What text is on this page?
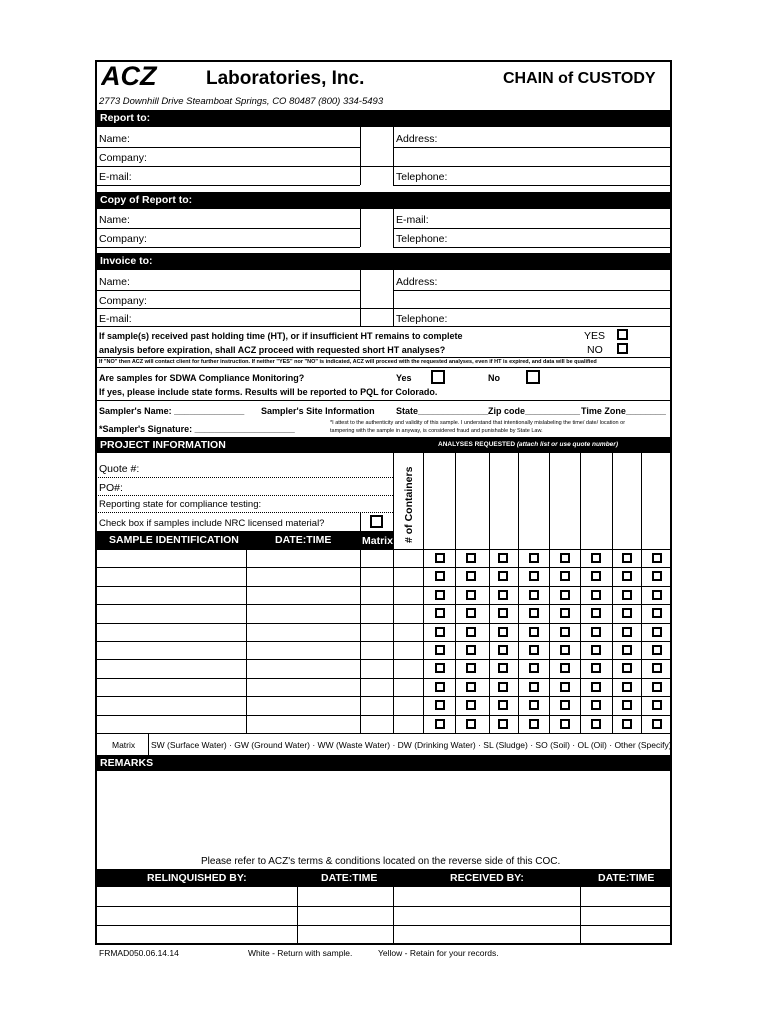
ACZ	Laboratories, Inc.	CHAIN of CUSTODY
2773 Downhill Drive Steamboat Springs, CO 80487 (800) 334-5493
Report to:
Name:	Address:
Company:
E-mail:	Telephone:
Copy of Report to:
Name:	E-mail:
Company:	Telephone:
Invoice to:
Name:	Address:
Company:
E-mail:	Telephone:
If sample(s) received past holding time (HT), or if insufficient HT remains to complete
analysis before expiration, shall ACZ proceed with requested short HT analyses?
YES
NO
If "NO" then ACZ will contact client for further instruction. If neither "YES" nor "NO" is indicated, ACZ will proceed with the requested analyses, even if HT is expired, and data will be qualified
Are samples for SDWA Compliance Monitoring?	Yes	No
If yes, please include state forms. Results will be reported to PQL for Colorado.
Sampler's Name: ______________ Sampler's Site Information State______________ Zip code___________ Time Zone________
*Sampler's Signature: ____________________
*I attest to the authenticity and validity of this sample. I understand that intentionally mislabeling the time/ date/ location or
tampering with the sample in anyway, is considered fraud and punishable by State Law.
PROJECT INFORMATION	ANALYSES REQUESTED (attach list or use quote number)
Quote #:
PO#:
Reporting state for compliance testing:
Check box if samples include NRC licensed material?	# of Containers
SAMPLE IDENTIFICATION	DATE:TIME	Matrix
Matrix SW (Surface Water) · GW (Ground Water) · WW (Waste Water) · DW (Drinking Water) · SL (Sludge) · SO (Soil) · OL (Oil) · Other (Specify)
REMARKS
Please refer to ACZ's terms & conditions located on the reverse side of this COC.
RELINQUISHED BY:	DATE:TIME	RECEIVED BY:	DATE:TIME
FRMAD050.06.14.14	White - Return with sample.	Yellow - Retain for your records.
